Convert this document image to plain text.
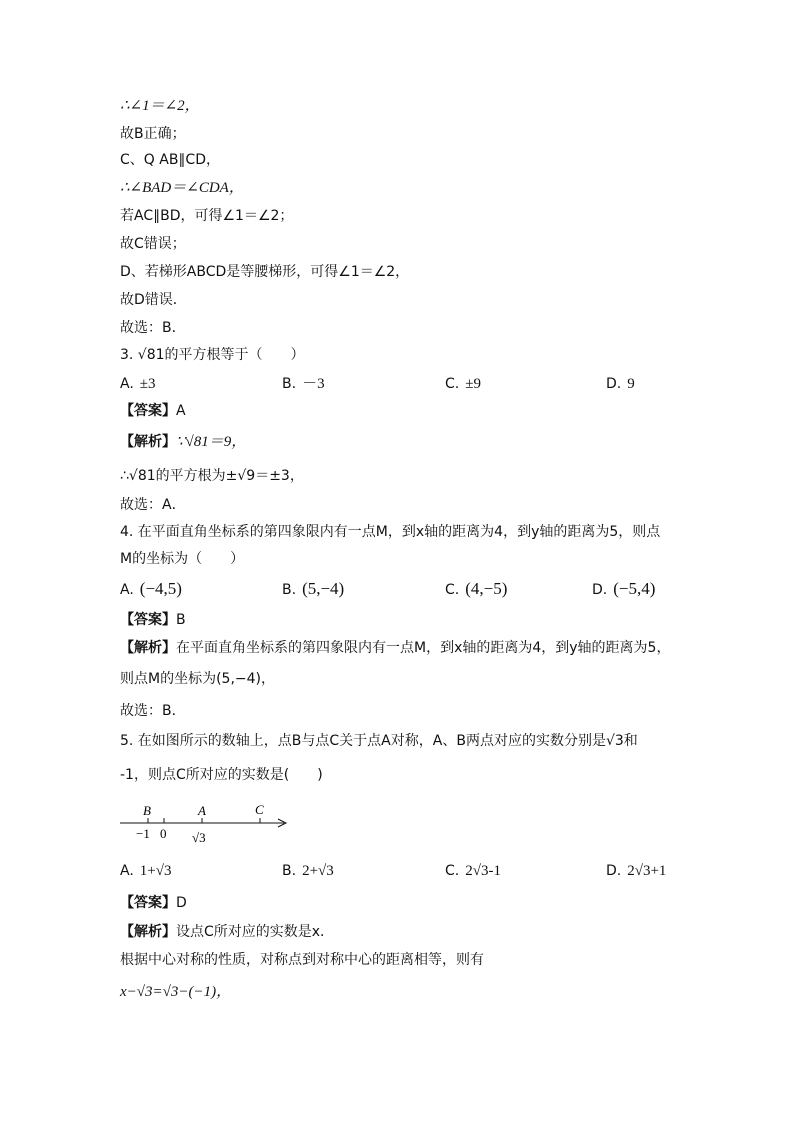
∴∠1＝∠2，
故B正确；
C、Q AB∥CD，
∴∠BAD＝∠CDA，
若AC∥BD，可得∠1＝∠2；
故C错误；
D、若梯形ABCD是等腰梯形，可得∠1＝∠2，
故D错误．
故选：B．
3. √81的平方根等于（　　）
A. ±3	B. －3	C. ±9	D. 9
【答案】A
【解析】∵√81＝9，
∴√81的平方根为±√9＝±3，
故选：A．
4. 在平面直角坐标系的第四象限内有一点M，到x轴的距离为4，到y轴的距离为5，则点
M的坐标为（　　）
A. (−4,5)	B. (5,−4)	C. (4,−5)	D. (−5,4)
【答案】B
【解析】在平面直角坐标系的第四象限内有一点M，到x轴的距离为4，到y轴的距离为5，
则点M的坐标为(5,−4)，
故选：B．
5. 在如图所示的数轴上，点B与点C关于点A对称，A、B两点对应的实数分别是√3和
-1，则点C所对应的实数是(　　)
B	A	C
−1 0 √3
A. 1+√3	B. 2+√3	C. 2√3-1	D. 2√3+1
【答案】D
【解析】设点C所对应的实数是x．
根据中心对称的性质，对称点到对称中心的距离相等，则有
x−√3=√3−(−1)，
